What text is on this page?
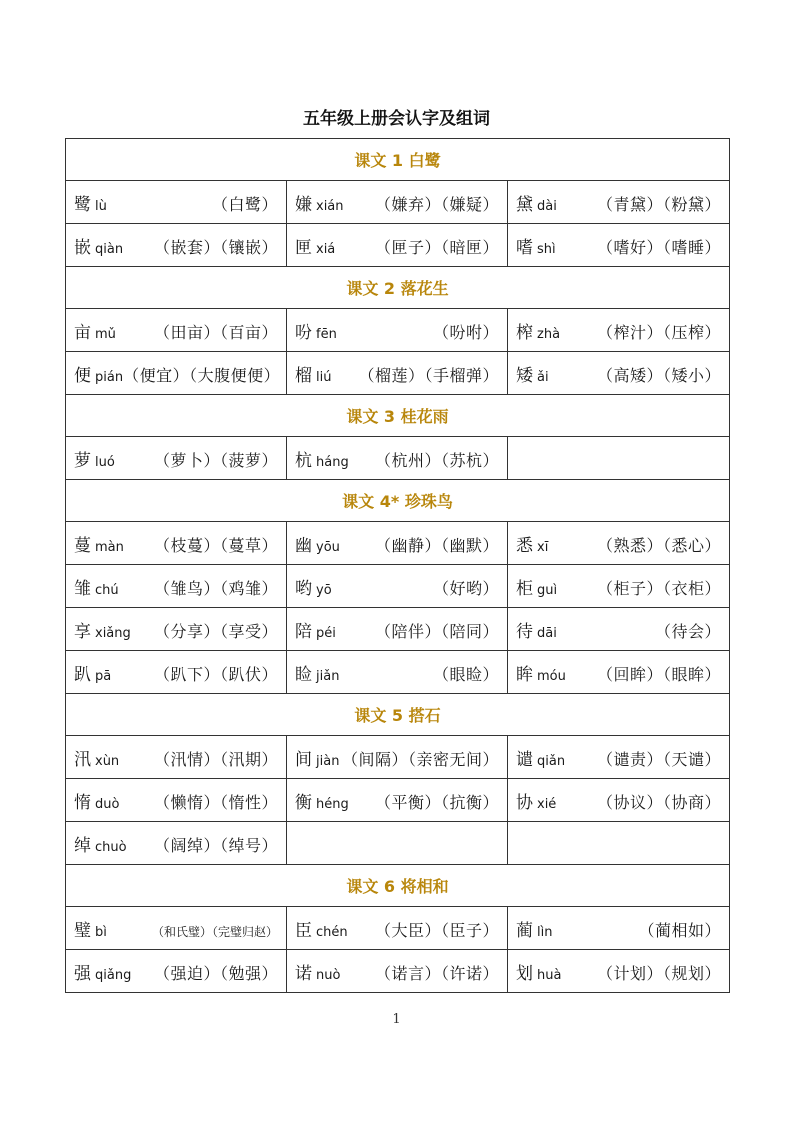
五年级上册会认字及组词
课文 1 白鹭		

鹭 lù （白鹭）	嫌 xián （嫌弃）（嫌疑）	黛 dài （青黛）（粉黛）

嵌 qiàn （嵌套）（镶嵌）	匣 xiá （匣子）（暗匣）	嗜 shì （嗜好）（嗜睡）

课文 2 落花生		

亩 mǔ （田亩）（百亩）	吩 fēn （吩咐）	榨 zhà （榨汁）（压榨）

便 pián （便宜）（大腹便便）	榴 liú （榴莲）（手榴弹）	矮 ǎi （高矮）（矮小）

课文 3 桂花雨		

萝 luó （萝卜）（菠萝）	杭 háng （杭州）（苏杭）	

课文 4* 珍珠鸟		

蔓 màn （枝蔓）（蔓草）	幽 yōu （幽静）（幽默）	悉 xī （熟悉）（悉心）

雏 chú （雏鸟）（鸡雏）	哟 yō （好哟）	柜 guì （柜子）（衣柜）

享 xiǎng （分享）（享受）	陪 péi （陪伴）（陪同）	待 dāi （待会）

趴 pā （趴下）（趴伏）	睑 jiǎn （眼睑）	眸 móu （回眸）（眼眸）

课文 5 搭石		

汛 xùn （汛情）（汛期）	间 jiàn （间隔）（亲密无间）	谴 qiǎn （谴责）（天谴）

惰 duò （懒惰）（惰性）	衡 héng （平衡）（抗衡）	协 xié （协议）（协商）

绰 chuò （阔绰）（绰号）		

课文 6 将相和		

璧 bì （和氏璧）（完璧归赵）	臣 chén （大臣）（臣子）	蔺 lìn （蔺相如）

强 qiǎng （强迫）（勉强）	诺 nuò （诺言）（许诺）	划 huà （计划）（规划）
1
